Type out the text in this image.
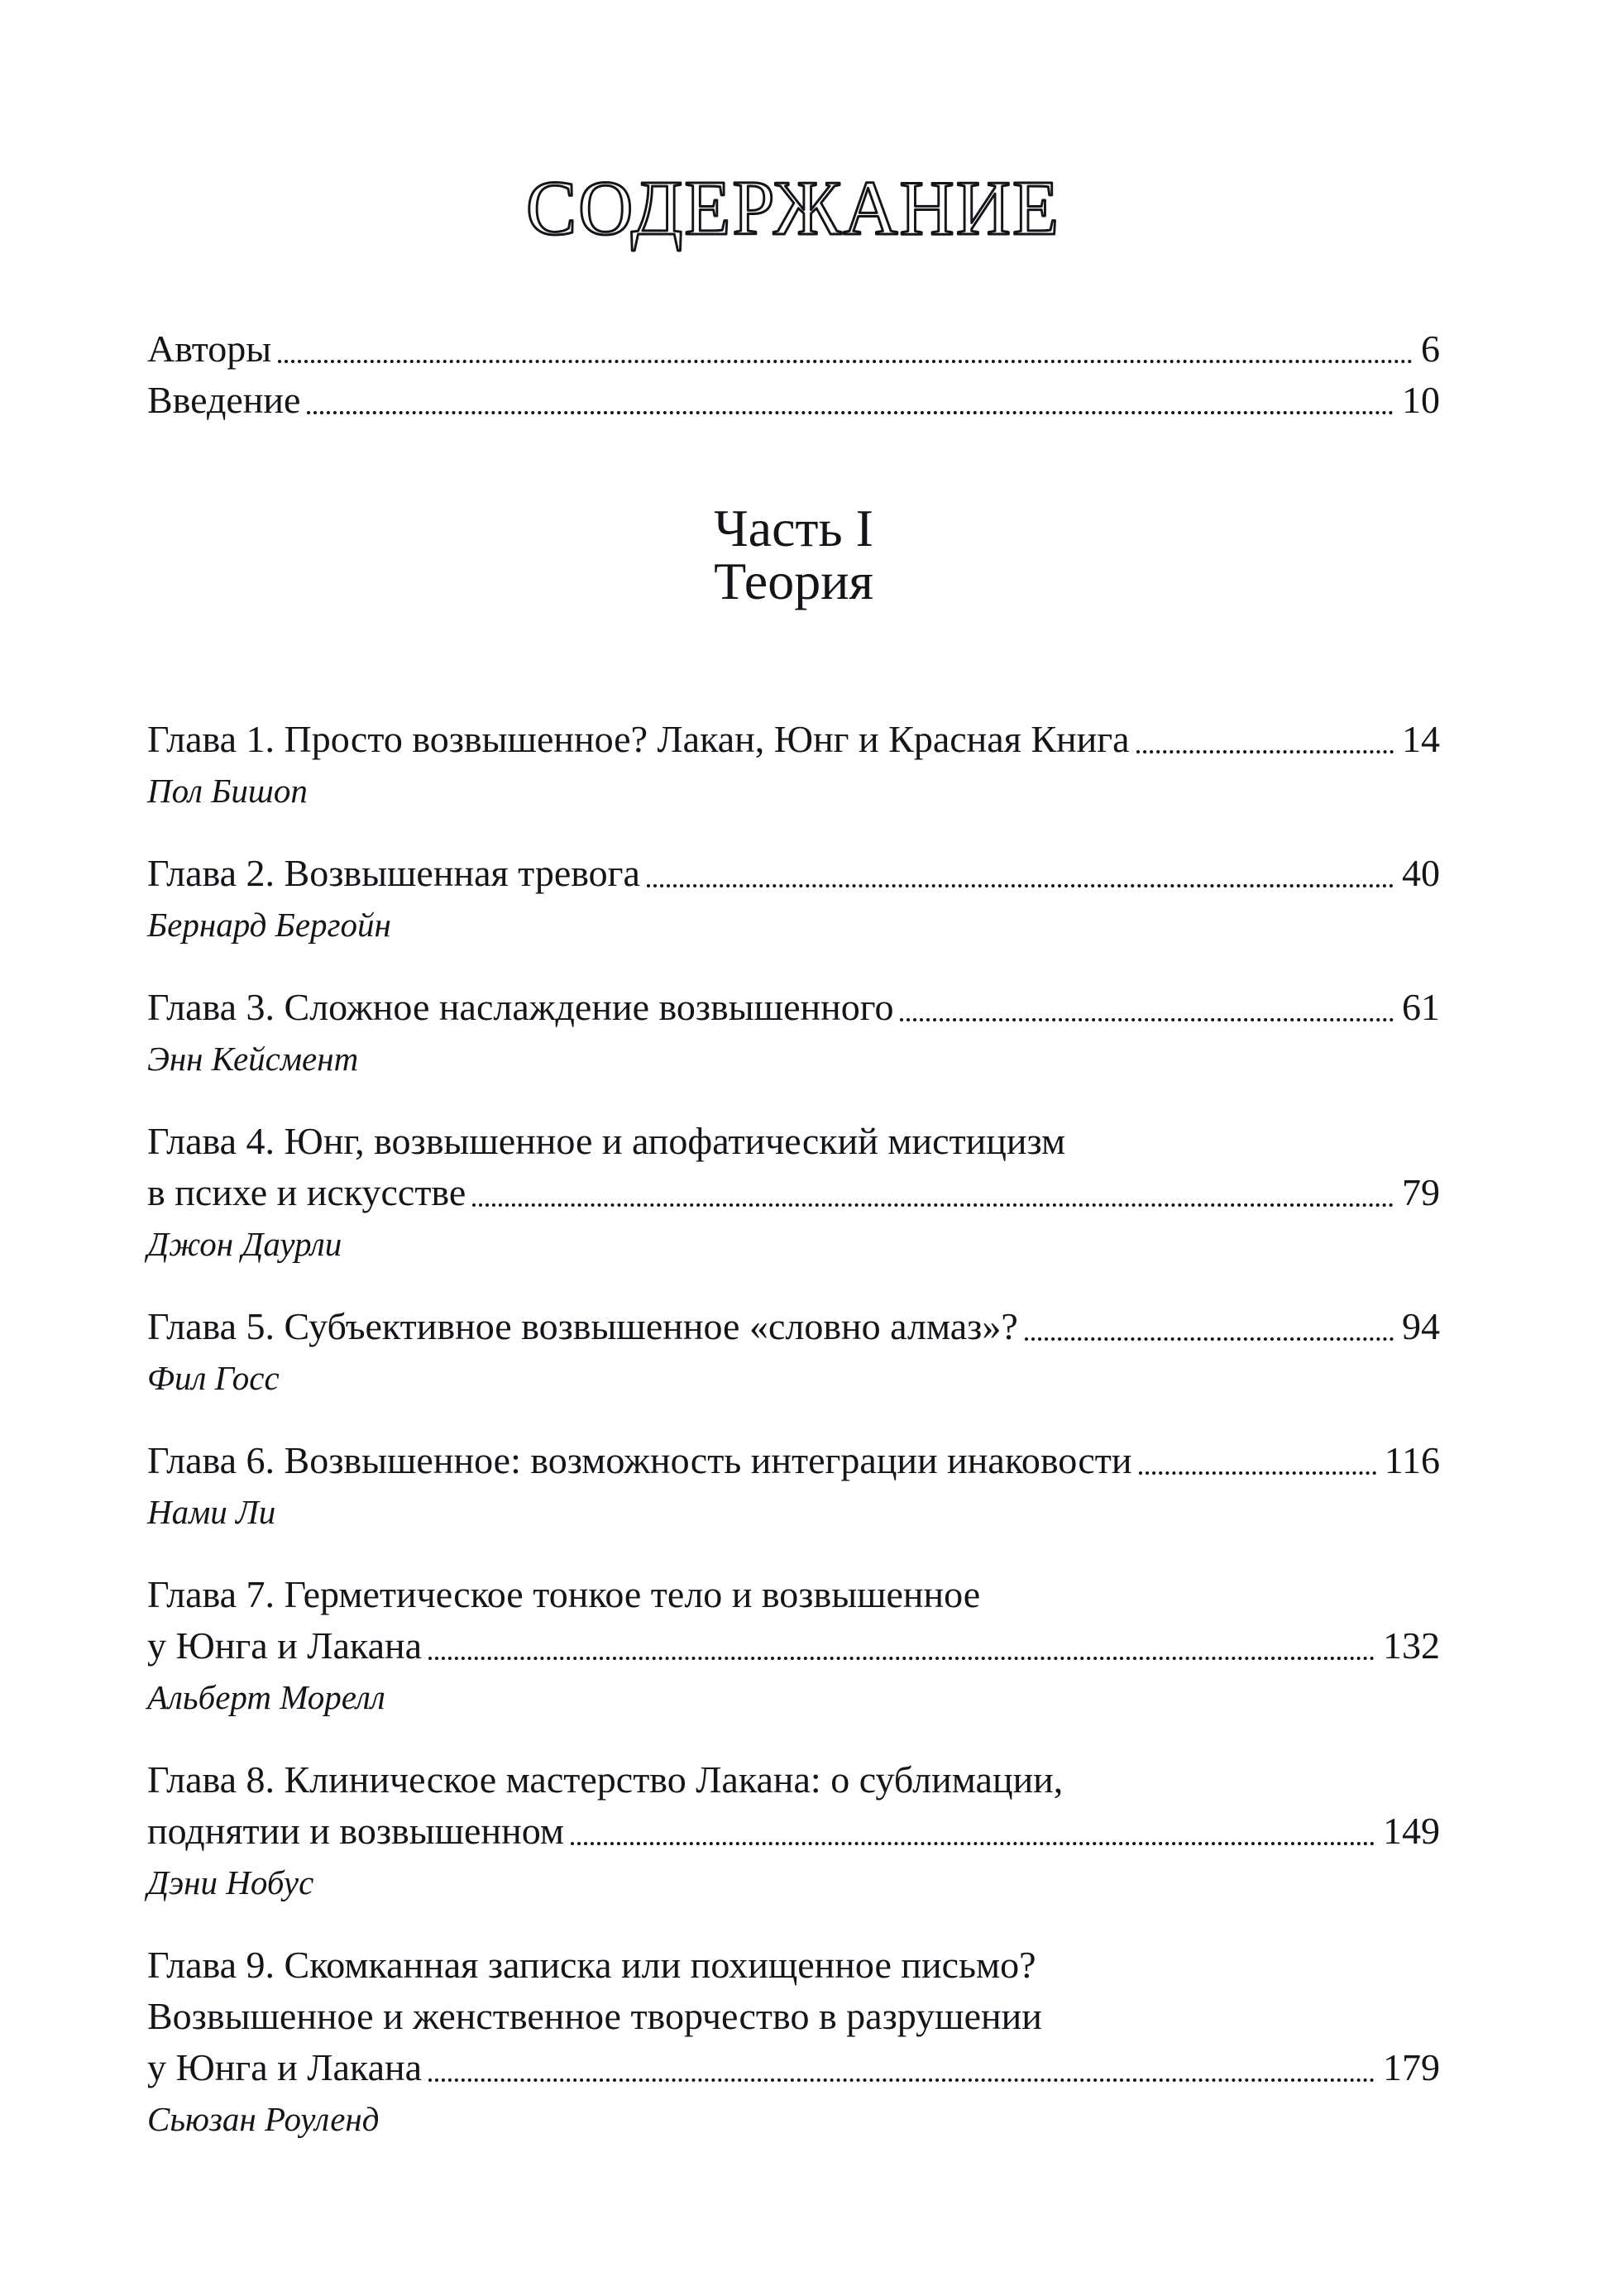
СОДЕРЖАНИЕ
Авторы	6
Введение	10
Часть I
Теория
Глава 1. Просто возвышенное? Лакан, Юнг и Красная Книга	14

Пол Бишоп

Глава 2. Возвышенная тревога	40

Бернард Бергойн

Глава 3. Сложное наслаждение возвышенного	61

Энн Кейсмент

Глава 4. Юнг, возвышенное и апофатический мистицизм
в психе и искусстве	79

Джон Даурли

Глава 5. Субъективное возвышенное «словно алмаз»?	94

Фил Госс

Глава 6. Возвышенное: возможность интеграции инаковости	116

Нами Ли

Глава 7. Герметическое тонкое тело и возвышенное
у Юнга и Лакана	132

Альберт Морелл

Глава 8. Клиническое мастерство Лакана: о сублимации,
поднятии и возвышенном	149

Дэни Нобус

Глава 9. Скомканная записка или похищенное письмо?
Возвышенное и женственное творчество в разрушении
у Юнга и Лакана	179

Сьюзан Роуленд
